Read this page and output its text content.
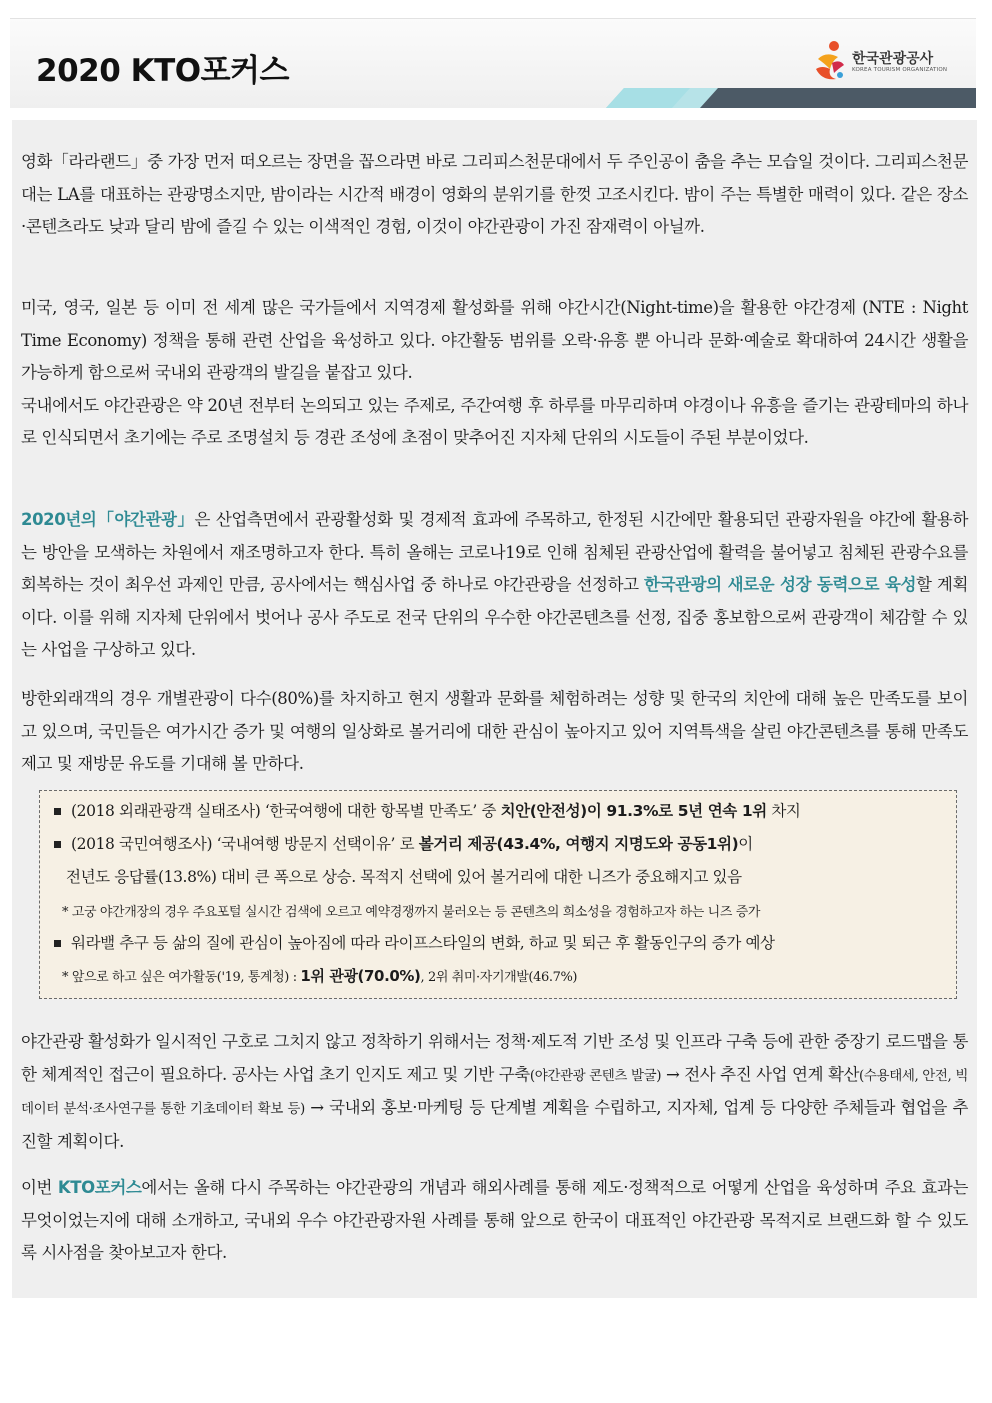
2020 KTO포커스	한국관광공사
KOREA TOURISM ORGANIZATION

영화「라라랜드」중 가장 먼저 떠오르는 장면을 꼽으라면 바로 그리피스천문대에서 두 주인공이 춤을 추는 모습일 것이다. 그리피스천문대는 LA를 대표하는 관광명소지만, 밤이라는 시간적 배경이 영화의 분위기를 한껏 고조시킨다. 밤이 주는 특별한 매력이 있다. 같은 장소·콘텐츠라도 낮과 달리 밤에 즐길 수 있는 이색적인 경험, 이것이 야간관광이 가진 잠재력이 아닐까.

미국, 영국, 일본 등 이미 전 세계 많은 국가들에서 지역경제 활성화를 위해 야간시간(Night-time)을 활용한 야간경제 (NTE : Night Time Economy) 정책을 통해 관련 산업을 육성하고 있다. 야간활동 범위를 오락·유흥 뿐 아니라 문화·예술로 확대하여 24시간 생활을 가능하게 함으로써 국내외 관광객의 발길을 붙잡고 있다.

국내에서도 야간관광은 약 20년 전부터 논의되고 있는 주제로, 주간여행 후 하루를 마무리하며 야경이나 유흥을 즐기는 관광테마의 하나로 인식되면서 초기에는 주로 조명설치 등 경관 조성에 초점이 맞추어진 지자체 단위의 시도들이 주된 부분이었다.

2020년의「야간관광」은 산업측면에서 관광활성화 및 경제적 효과에 주목하고, 한정된 시간에만 활용되던 관광자원을 야간에 활용하는 방안을 모색하는 차원에서 재조명하고자 한다. 특히 올해는 코로나19로 인해 침체된 관광산업에 활력을 불어넣고 침체된 관광수요를 회복하는 것이 최우선 과제인 만큼, 공사에서는 핵심사업 중 하나로 야간관광을 선정하고 한국관광의 새로운 성장 동력으로 육성할 계획이다. 이를 위해 지자체 단위에서 벗어나 공사 주도로 전국 단위의 우수한 야간콘텐츠를 선정, 집중 홍보함으로써 관광객이 체감할 수 있는 사업을 구상하고 있다.

방한외래객의 경우 개별관광이 다수(80%)를 차지하고 현지 생활과 문화를 체험하려는 성향 및 한국의 치안에 대해 높은 만족도를 보이고 있으며, 국민들은 여가시간 증가 및 여행의 일상화로 볼거리에 대한 관심이 높아지고 있어 지역특색을 살린 야간콘텐츠를 통해 만족도 제고 및 재방문 유도를 기대해 볼 만하다.

(2018 외래관광객 실태조사) ‘한국여행에 대한 항목별 만족도’ 중 치안(안전성)이 91.3%로 5년 연속 1위 차지
(2018 국민여행조사) ‘국내여행 방문지 선택이유’ 로 볼거리 제공(43.4%, 여행지 지명도와 공동1위)이
전년도 응답률(13.8%) 대비 큰 폭으로 상승. 목적지 선택에 있어 볼거리에 대한 니즈가 중요해지고 있음
* 고궁 야간개장의 경우 주요포털 실시간 검색에 오르고 예약경쟁까지 불러오는 등 콘텐츠의 희소성을 경험하고자 하는 니즈 증가
워라밸 추구 등 삶의 질에 관심이 높아짐에 따라 라이프스타일의 변화, 하교 및 퇴근 후 활동인구의 증가 예상
* 앞으로 하고 싶은 여가활동('19, 통계청) : 1위 관광(70.0%), 2위 취미·자기개발(46.7%)

야간관광 활성화가 일시적인 구호로 그치지 않고 정착하기 위해서는 정책·제도적 기반 조성 및 인프라 구축 등에 관한 중장기 로드맵을 통한 체계적인 접근이 필요하다. 공사는 사업 초기 인지도 제고 및 기반 구축(야간관광 콘텐츠 발굴) → 전사 추진 사업 연계 확산(수용태세, 안전, 빅데이터 분석·조사연구를 통한 기초데이터 확보 등) → 국내외 홍보·마케팅 등 단계별 계획을 수립하고, 지자체, 업계 등 다양한 주체들과 협업을 추진할 계획이다.

이번 KTO포커스에서는 올해 다시 주목하는 야간관광의 개념과 해외사례를 통해 제도·정책적으로 어떻게 산업을 육성하며 주요 효과는 무엇이었는지에 대해 소개하고, 국내외 우수 야간관광자원 사례를 통해 앞으로 한국이 대표적인 야간관광 목적지로 브랜드화 할 수 있도록 시사점을 찾아보고자 한다.
